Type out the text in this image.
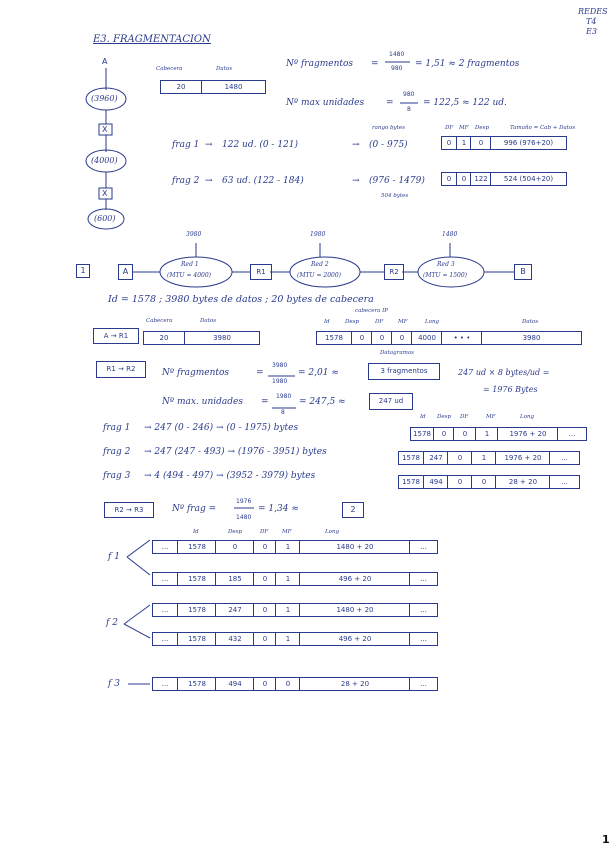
REDES
T4
E3
E3. FRAGMENTACION
A
(3960)
X
(4000)
X
(600)
Cabecera	Datos
20	1480
Nº fragmentos =
1480
980 = 1,51 ≈ 2 fragmentos
Nº max unidades =
980
8
= 122,5 ≈ 122 ud.
rango bytes
frag 1 → 122 ud. (0 - 121)	→ (0 - 975)
frag 2 → 63 ud. (122 - 184)	→ (976 - 1479)
504 bytes
DF MF Desp	Tamaño = Cab + Datos
0	1	0	996 (976+20)
0	0	122	524 (504+20)
1	A	R1	R2	B
3980	1980	1480
Red 1
(MTU = 4000)
Red 2
(MTU = 2000)
Red 3
(MTU = 1500)
Id = 1578 ; 3980 bytes de datos ; 20 bytes de cabecera
A → R1
Cabecera	Datos
20	3980
cabecera IP
Id	Desp	DF	MF	Long	Datos
1578	0	0	0	4000	• • •	3980
R1 → R2	Nº fragmentos	=
3980
1980
= 2,01 ≈	3 fragmentos
Datagramas
247 ud × 8 bytes/ud =
= 1976 Bytes
Nº max. unidades =
1980
8
= 247,5 ≈	247 ud
Id Desp DF	MF	Long
frag 1 → 247 (0 - 246) → (0 - 1975) bytes
1578	0	0	1	1976 + 20	...
frag 2 → 247 (247 - 493) → (1976 - 3951) bytes
1578	247	0	1	1976 + 20	...
frag 3 → 4 (494 - 497) → (3952 - 3979) bytes
1578	494	0	0	28 + 20	...
R2 → R3	Nº frag =
1976
1480
= 1,34 ≈	2
f 1
Id	Desp	DF	MF	Long
...	1578	0	0	1	1480 + 20	...
...	1578	185	0	1	496 + 20	...
f 2
...	1578	247	0	1	1480 + 20	...
...	1578	432	0	1	496 + 20	...
f 3	...	1578	494	0	0	28 + 20	...
1
